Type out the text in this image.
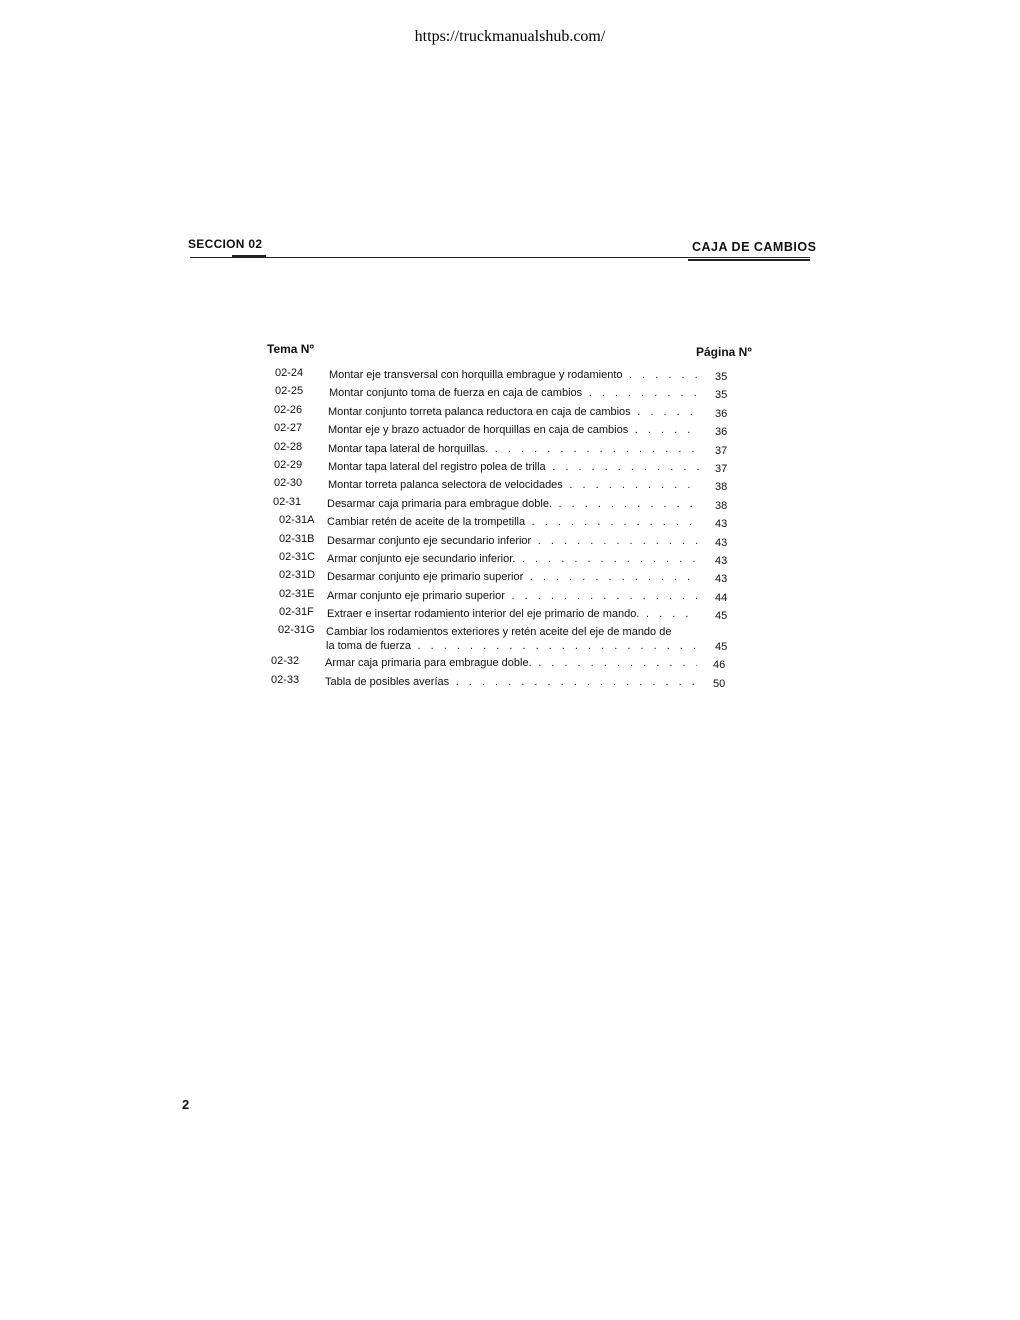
https://truckmanualshub.com/
SECCION 02	CAJA DE CAMBIOS
Tema Nº	Página Nº
02-24 Montar eje transversal con horquilla embrague y rodamiento . . .	35
02-25 Montar conjunto toma de fuerza en caja de cambios . . .	35
02-26 Montar conjunto torreta palanca reductora en caja de cambios . . .	36
02-27 Montar eje y brazo actuador de horquillas en caja de cambios . . .	36
02-28 Montar tapa lateral de horquillas. . . .	37
02-29 Montar tapa lateral del registro polea de trilla . . .	37
02-30 Montar torreta palanca selectora de velocidades . . .	38
02-31 Desarmar caja primaria para embrague doble. . . .	38
02-31A Cambiar retén de aceite de la trompetilla . . .	43
02-31B Desarmar conjunto eje secundario inferior . . .	43
02-31C Armar conjunto eje secundario inferior. . . .	43
02-31D Desarmar conjunto eje primario superior . . .	43
02-31E Armar conjunto eje primario superior . . .	44
02-31F Extraer e insertar rodamiento interior del eje primario de mando. . . .	45
02-31G Cambiar los rodamientos exteriores y retén aceite del eje de mando de
la toma de fuerza . . .	45
02-32 Armar caja primaria para embrague doble. . . .	46
02-33 Tabla de posibles averías . . .	50
2
